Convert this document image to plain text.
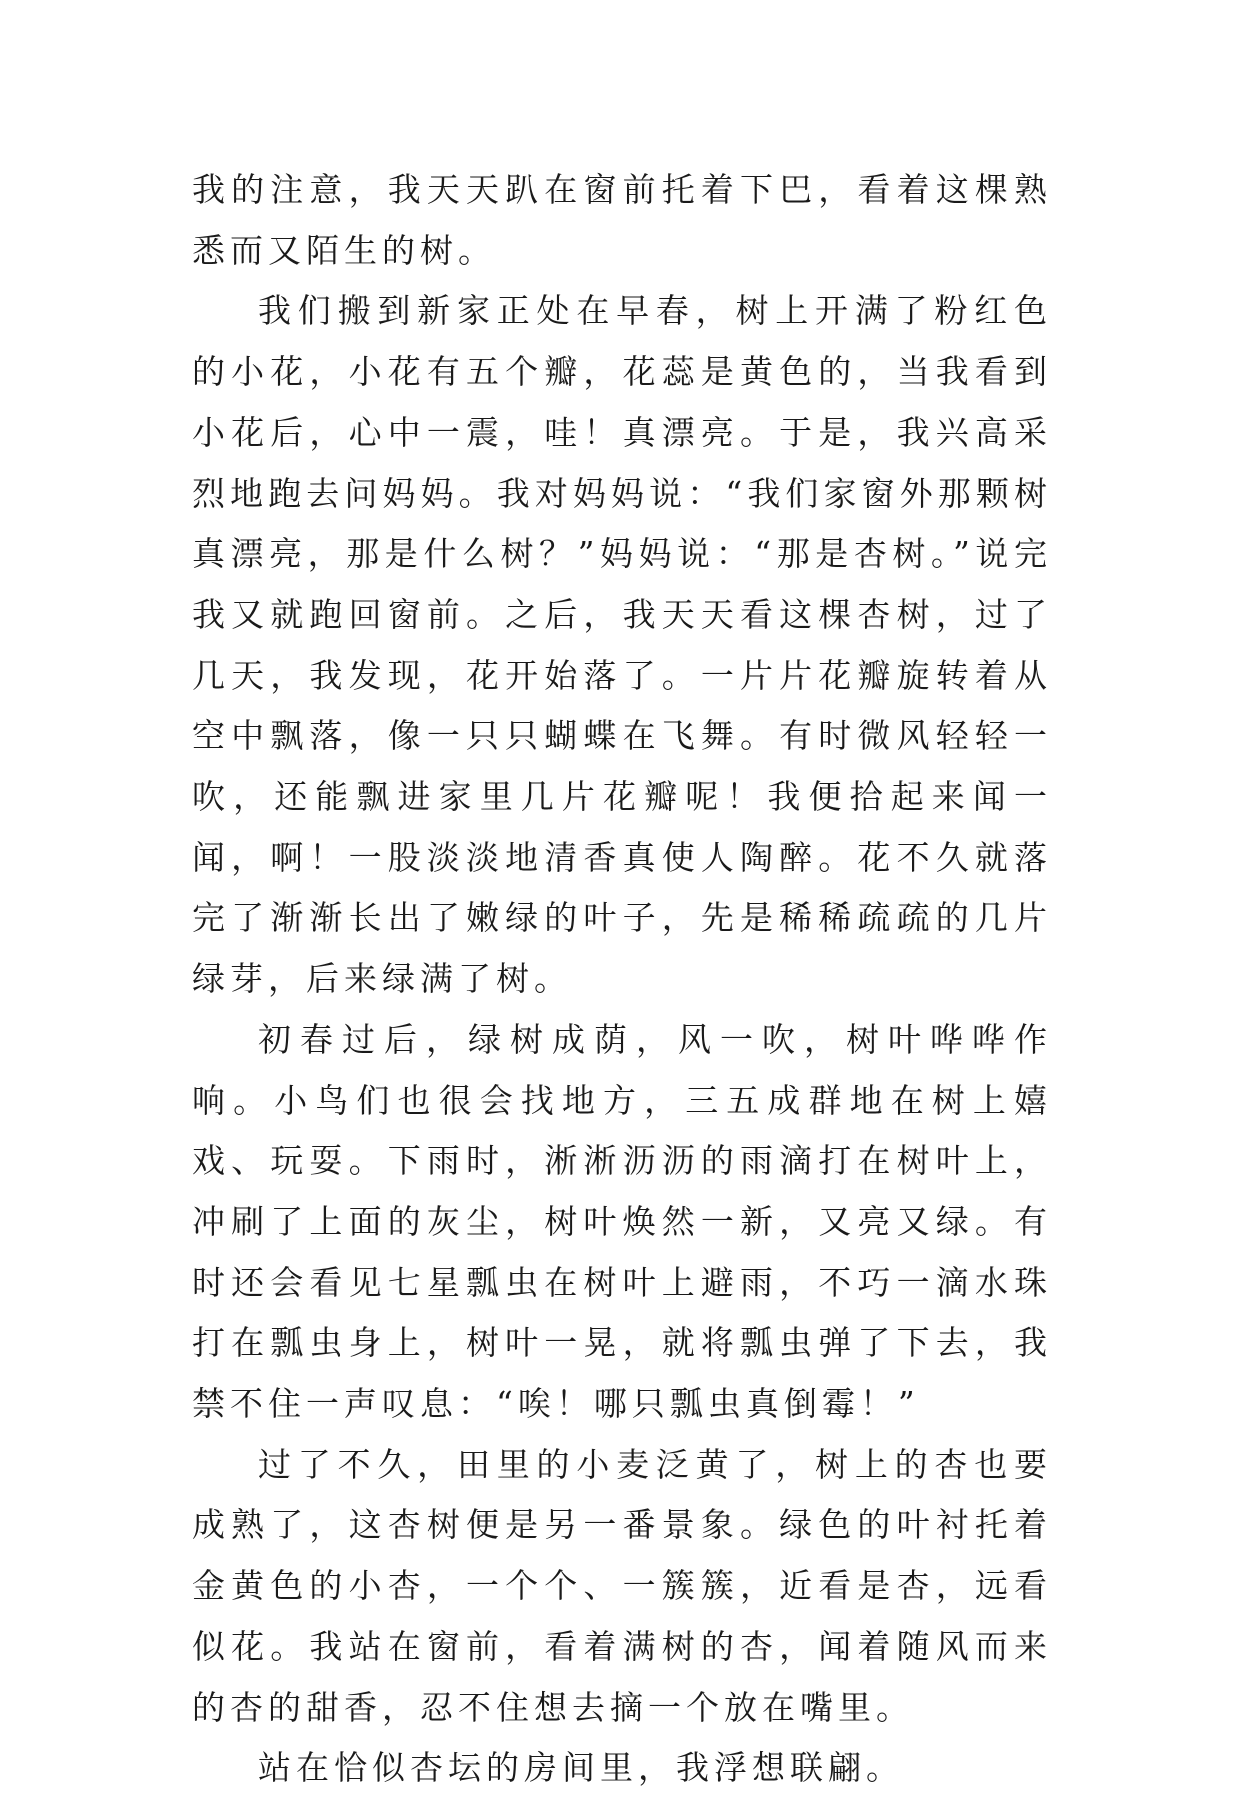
我的注意，我天天趴在窗前托着下巴，看着这棵熟悉而又陌生的树。

我们搬到新家正处在早春，树上开满了粉红色的小花，小花有五个瓣，花蕊是黄色的，当我看到小花后，心中一震，哇！真漂亮。于是，我兴高采烈地跑去问妈妈。我对妈妈说：“我们家窗外那颗树真漂亮，那是什么树？”妈妈说：“那是杏树。”说完我又就跑回窗前。之后，我天天看这棵杏树，过了几天，我发现，花开始落了。一片片花瓣旋转着从空中飘落，像一只只蝴蝶在飞舞。有时微风轻轻一吹，还能飘进家里几片花瓣呢！我便拾起来闻一闻，啊！一股淡淡地清香真使人陶醉。花不久就落完了渐渐长出了嫩绿的叶子，先是稀稀疏疏的几片绿芽，后来绿满了树。

初春过后，绿树成荫，风一吹，树叶哗哗作响。小鸟们也很会找地方，三五成群地在树上嬉戏、玩耍。下雨时，淅淅沥沥的雨滴打在树叶上，冲刷了上面的灰尘，树叶焕然一新，又亮又绿。有时还会看见七星瓢虫在树叶上避雨，不巧一滴水珠打在瓢虫身上，树叶一晃，就将瓢虫弹了下去，我禁不住一声叹息：“唉！哪只瓢虫真倒霉！”

过了不久，田里的小麦泛黄了，树上的杏也要成熟了，这杏树便是另一番景象。绿色的叶衬托着金黄色的小杏，一个个、一簇簇，近看是杏，远看似花。我站在窗前，看着满树的杏，闻着随风而来的杏的甜香，忍不住想去摘一个放在嘴里。

站在恰似杏坛的房间里，我浮想联翩。
